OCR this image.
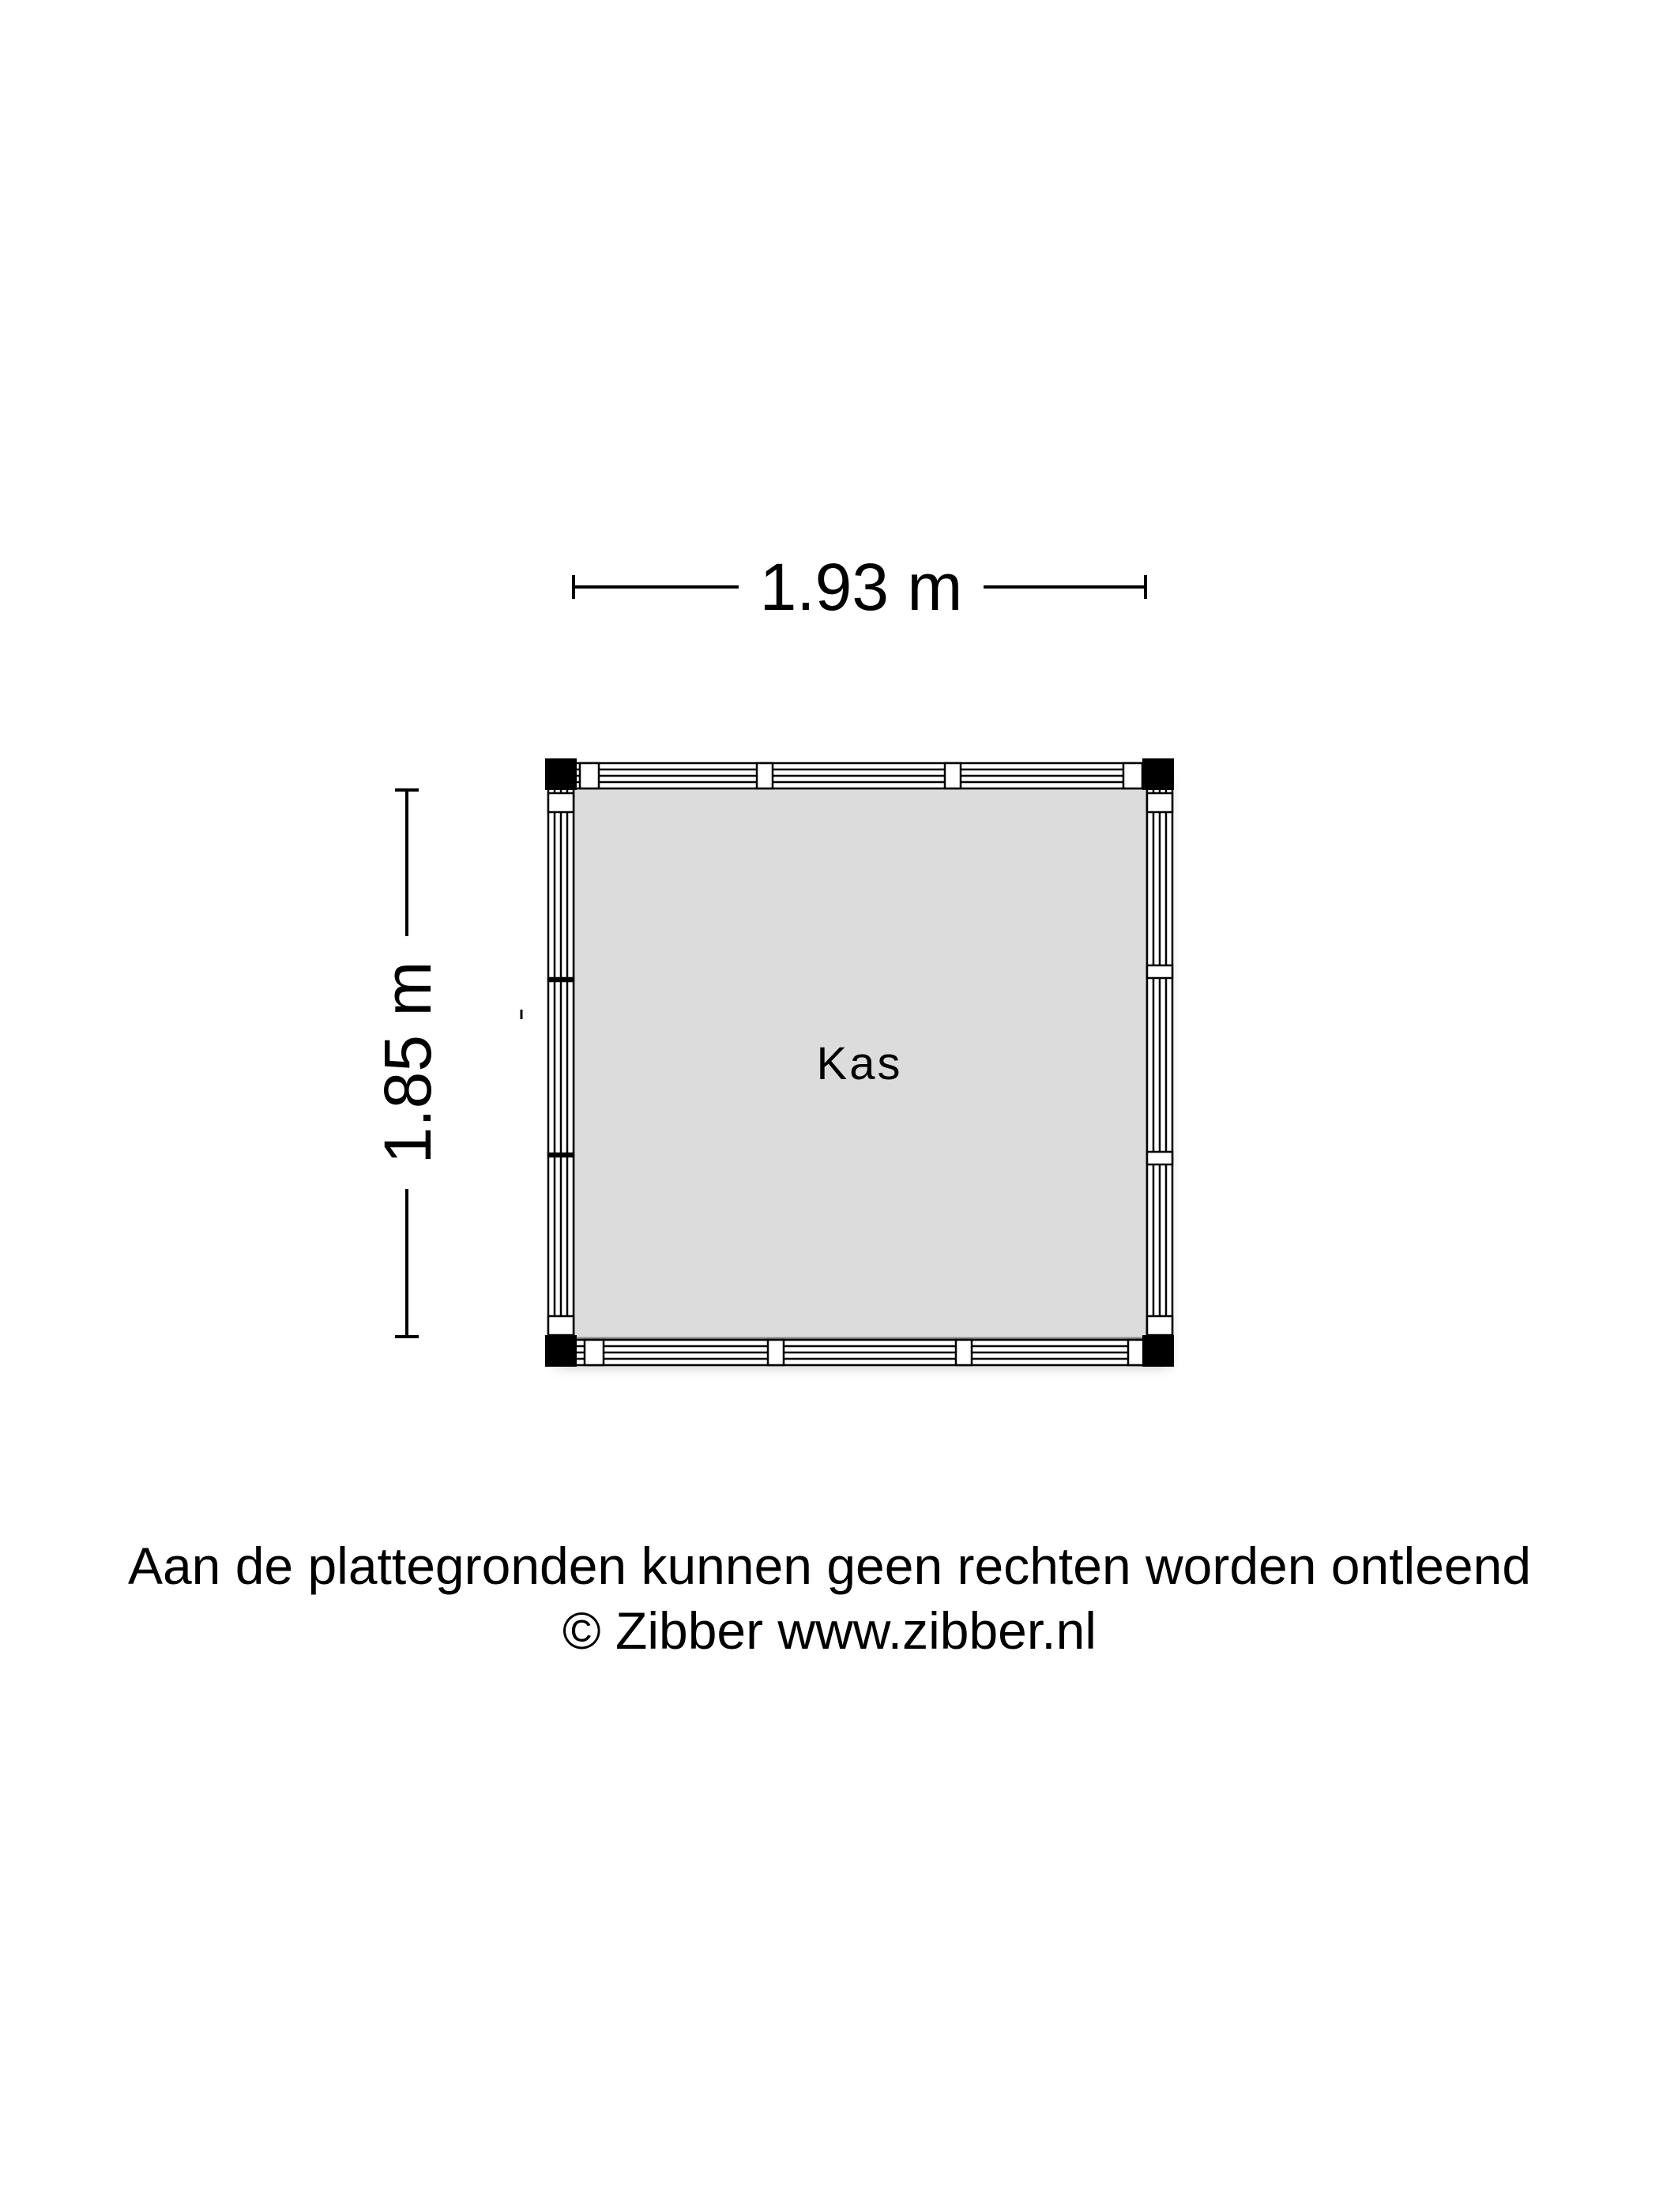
1.93 m
1.85 m	Kas
Aan de plattegronden kunnen geen rechten worden ontleend
© Zibber www.zibber.nl
